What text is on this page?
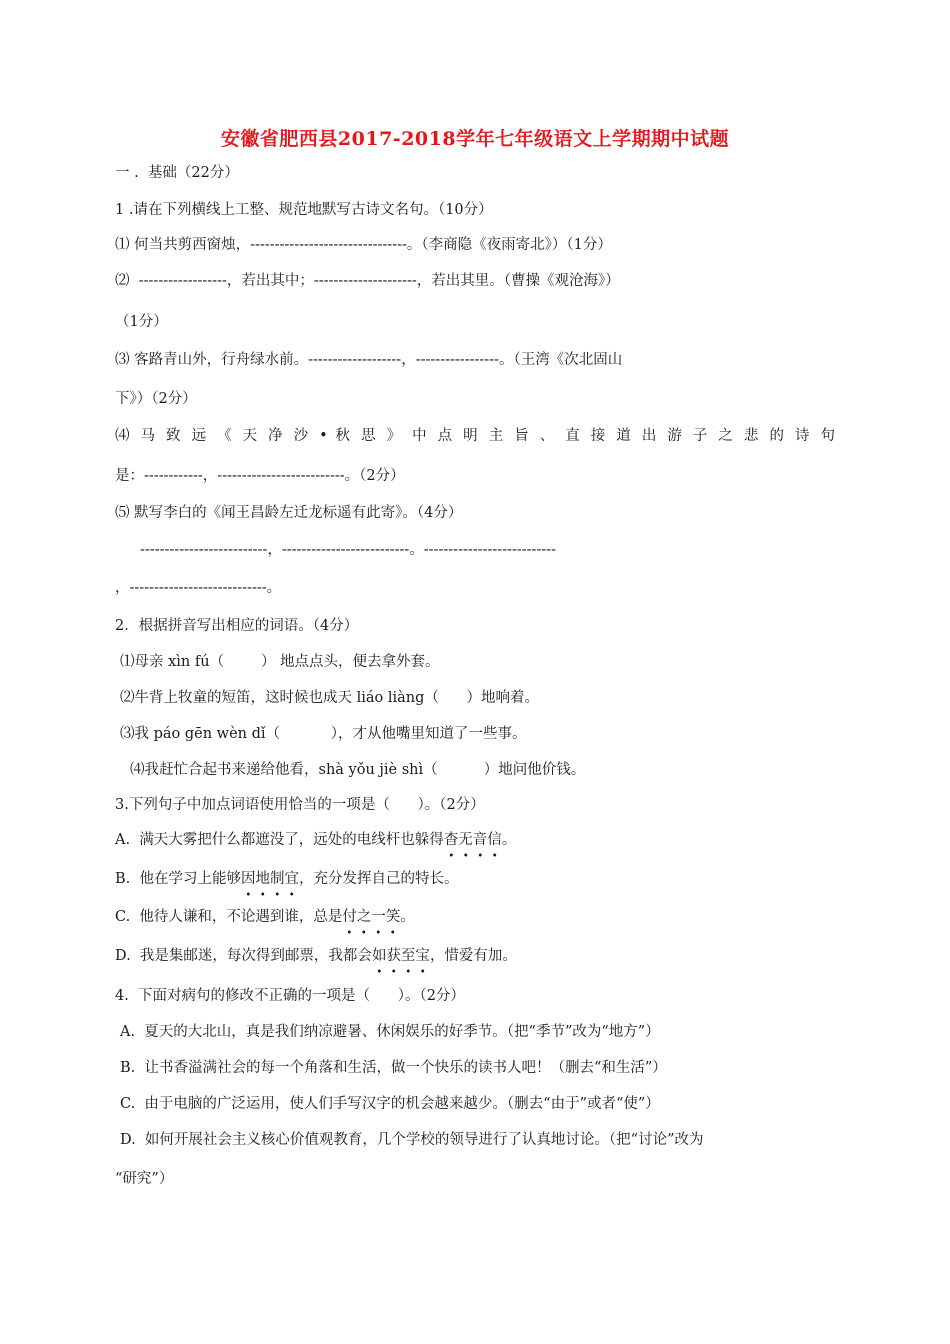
安徽省肥西县2017-2018学年七年级语文上学期期中试题
一 .  基础（22分）
1 .请在下列横线上工整、规范地默写古诗文名句。（10分）
⑴ 何当共剪西窗烛，--------------------------------。（李商隐《夜雨寄北》）（1分）
⑵  ------------------，若出其中；---------------------，若出其里。（曹操《观沧海》）
（1分）
⑶ 客路青山外，行舟绿水前。-------------------，-----------------。（王湾《次北固山
下》）（2分）
⑷ 马 致 远 《 天 净 沙 • 秋 思 》 中 点 明 主 旨 、 直 接 道 出 游 子 之 悲 的 诗 句
是：------------，--------------------------。（2分）
⑸ 默写李白的《闻王昌龄左迁龙标遥有此寄》。（4分）
--------------------------，--------------------------。---------------------------
，----------------------------。
2．根据拼音写出相应的词语。（4分）
⑴母亲 xìn fú（        ） 地点点头，便去拿外套。
⑵牛背上牧童的短笛，这时候也成天 liáo liàng（      ）地响着。
⑶我 páo gēn wèn dǐ（           ），才从他嘴里知道了一些事。
⑷我赶忙合起书来递给他看，shà yǒu jiè shì（          ）地问他价钱。
3.下列句子中加点词语使用恰当的一项是（      ）。（2分）
A.  满天大雾把什么都遮没了，远处的电线杆也躲得杳无音信。
B.  他在学习上能够因地制宜，充分发挥自己的特长。
C.  他待人谦和，不论遇到谁，总是付之一笑。
D.  我是集邮迷，每次得到邮票，我都会如获至宝，惜爱有加。
4.  下面对病句的修改不正确的一项是（      ）。（2分）
A.  夏天的大北山，真是我们纳凉避暑、休闲娱乐的好季节。（把“季节”改为“地方”）
B.  让书香溢满社会的每一个角落和生活，做一个快乐的读书人吧！（删去“和生活”）
C.  由于电脑的广泛运用，使人们手写汉字的机会越来越少。（删去“由于”或者“使”）
D.  如何开展社会主义核心价值观教育，几个学校的领导进行了认真地讨论。（把“讨论”改为
“研究”）
